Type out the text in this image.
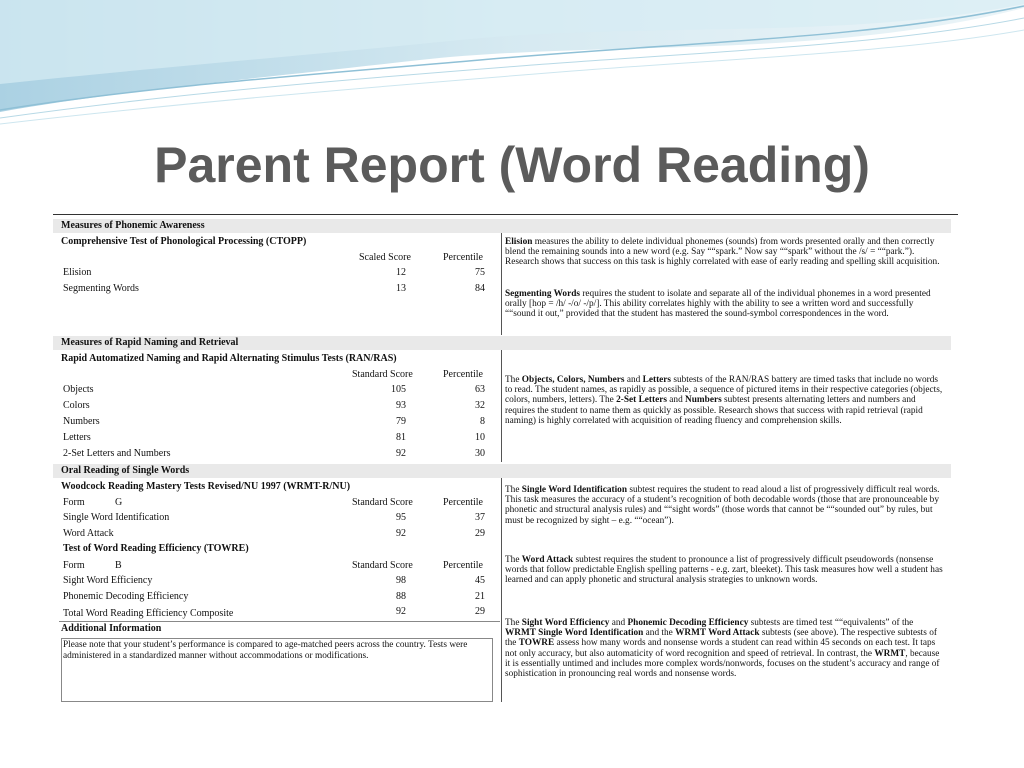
Parent Report (Word Reading)
Measures of Phonemic Awareness
Comprehensive Test of Phonological Processing (CTOPP)
Scaled Score	Percentile
Elision	12	75
Segmenting Words	13	84
Elision measures the ability to delete individual phonemes (sounds) from words presented orally and then correctly blend the remaining sounds into a new word (e.g. Say ““spark.” Now say ““spark” without the /s/ = ““park.”). Research shows that success on this task is highly correlated with ease of early reading and spelling skill acquisition.
Segmenting Words requires the student to isolate and separate all of the individual phonemes in a word presented orally [hop = /h/ -/o/ -/p/]. This ability correlates highly with the ability to see a written word and successfully ““sound it out,” provided that the student has mastered the sound-symbol correspondences in the word.
Measures of Rapid Naming and Retrieval
Rapid Automatized Naming and Rapid Alternating Stimulus Tests (RAN/RAS)
Standard Score	Percentile
Objects	105	63
Colors	93	32
Numbers	79	8
Letters	81	10
2-Set Letters and Numbers	92	30
The Objects, Colors, Numbers and Letters subtests of the RAN/RAS battery are timed tasks that include no words to read. The student names, as rapidly as possible, a sequence of pictured items in their respective categories (objects, colors, numbers, letters). The 2-Set Letters and Numbers subtest presents alternating letters and numbers and requires the student to name them as quickly as possible. Research shows that success with rapid retrieval (rapid naming) is highly correlated with acquisition of reading fluency and comprehension skills.
Oral Reading of Single Words
Woodcock Reading Mastery Tests Revised/NU 1997 (WRMT-R/NU)
Form	G	Standard Score	Percentile
Single Word Identification	95	37
Word Attack	92	29
Test of Word Reading Efficiency (TOWRE)
Form	B	Standard Score	Percentile
Sight Word Efficiency	98	45
Phonemic Decoding Efficiency	88	21
Total Word Reading Efficiency Composite	92	29
Additional Information
Please note that your student’s performance is compared to age-matched peers across the country. Tests were administered in a standardized manner without accommodations or modifications.
The Single Word Identification subtest requires the student to read aloud a list of progressively difficult real words. This task measures the accuracy of a student’s recognition of both decodable words (those that are pronounceable by phonetic and structural analysis rules) and ““sight words” (those words that cannot be ““sounded out” by rules, but must be recognized by sight – e.g. ““ocean”).
The Word Attack subtest requires the student to pronounce a list of progressively difficult pseudowords (nonsense words that follow predictable English spelling patterns - e.g. zart, bleeket). This task measures how well a student has learned and can apply phonetic and structural analysis strategies to unknown words.
The Sight Word Efficiency and Phonemic Decoding Efficiency subtests are timed test ““equivalents” of the WRMT Single Word Identification and the WRMT Word Attack subtests (see above). The respective subtests of the TOWRE assess how many words and nonsense words a student can read within 45 seconds on each test. It taps not only accuracy, but also automaticity of word recognition and speed of retrieval. In contrast, the WRMT, because it is essentially untimed and includes more complex words/nonwords, focuses on the student’s accuracy and range of sophistication in pronouncing real words and nonsense words.
